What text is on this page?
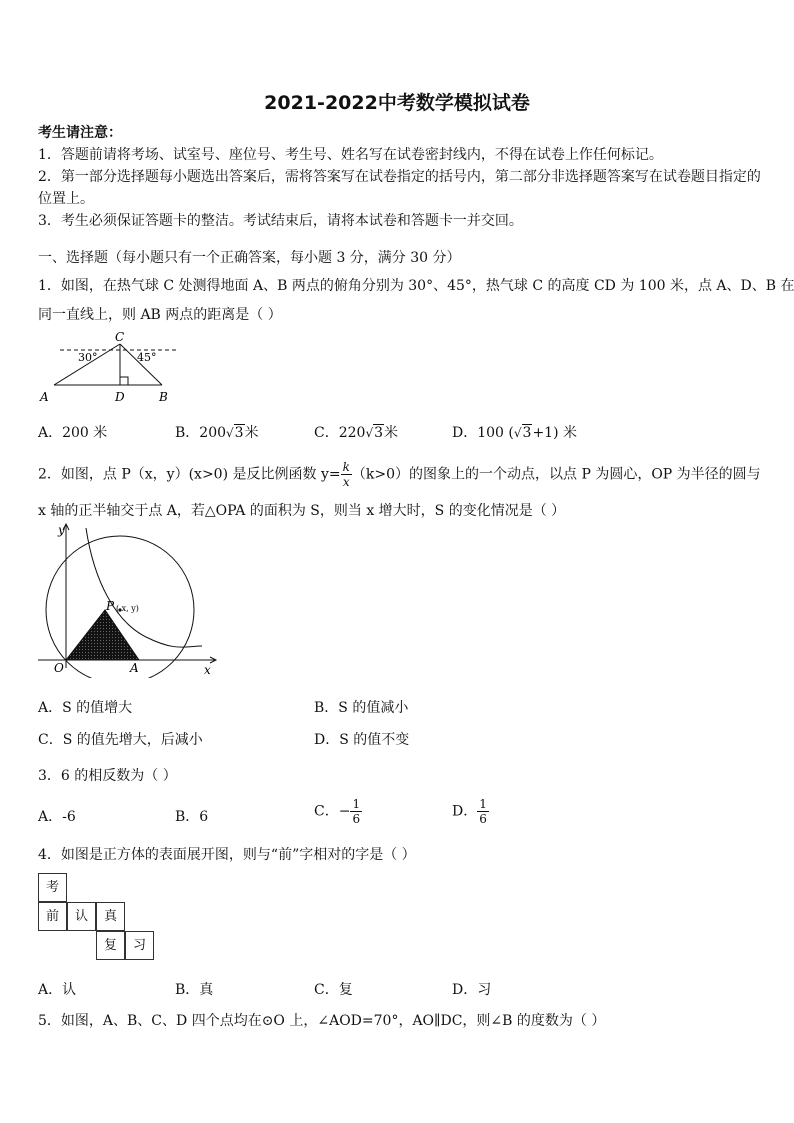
2021-2022中考数学模拟试卷
考生请注意：
1．答题前请将考场、试室号、座位号、考生号、姓名写在试卷密封线内，不得在试卷上作任何标记。
2．第一部分选择题每小题选出答案后，需将答案写在试卷指定的括号内，第二部分非选择题答案写在试卷题目指定的
位置上。
3．考生必须保证答题卡的整洁。考试结束后，请将本试卷和答题卡一并交回。
一、选择题（每小题只有一个正确答案，每小题 3 分，满分 30 分）
1．如图，在热气球 C 处测得地面 A、B 两点的俯角分别为 30°、45°，热气球 C 的高度 CD 为 100 米，点 A、D、B 在
同一直线上，则 AB 两点的距离是（ ）
C
30°	45°
A	D	B
A．200 米	B．200√3米	C．220√3米	D．100 (√3+1) 米
2．如图，点 P（x，y）(x>0) 是反比例函数 $y= \frac{k}{x} (k>0)$的图象上的一个动点，以点 P 为圆心，OP 为半径的圆与
x 轴的正半轴交于点 A，若△OPA 的面积为 S，则当 x 增大时，S 的变化情况是（ ）
y
x
O	A
P ( x, y)
A．S 的值增大	B．S 的值减小
C．S 的值先增大，后减小	D．S 的值不变
3．6 的相反数为（ ）
A．-6	B．6	C．− $\frac{1}{6}$	D． $\frac{1}{6}$
4．如图是正方体的表面展开图，则与“前”字相对的字是（ ）
考
前	认	真
复	习
A．认	B．真	C．复	D．习
5．如图，A、B、C、D 四个点均在⊙O 上，∠AOD=70°，AO∥DC，则∠B 的度数为（ ）
